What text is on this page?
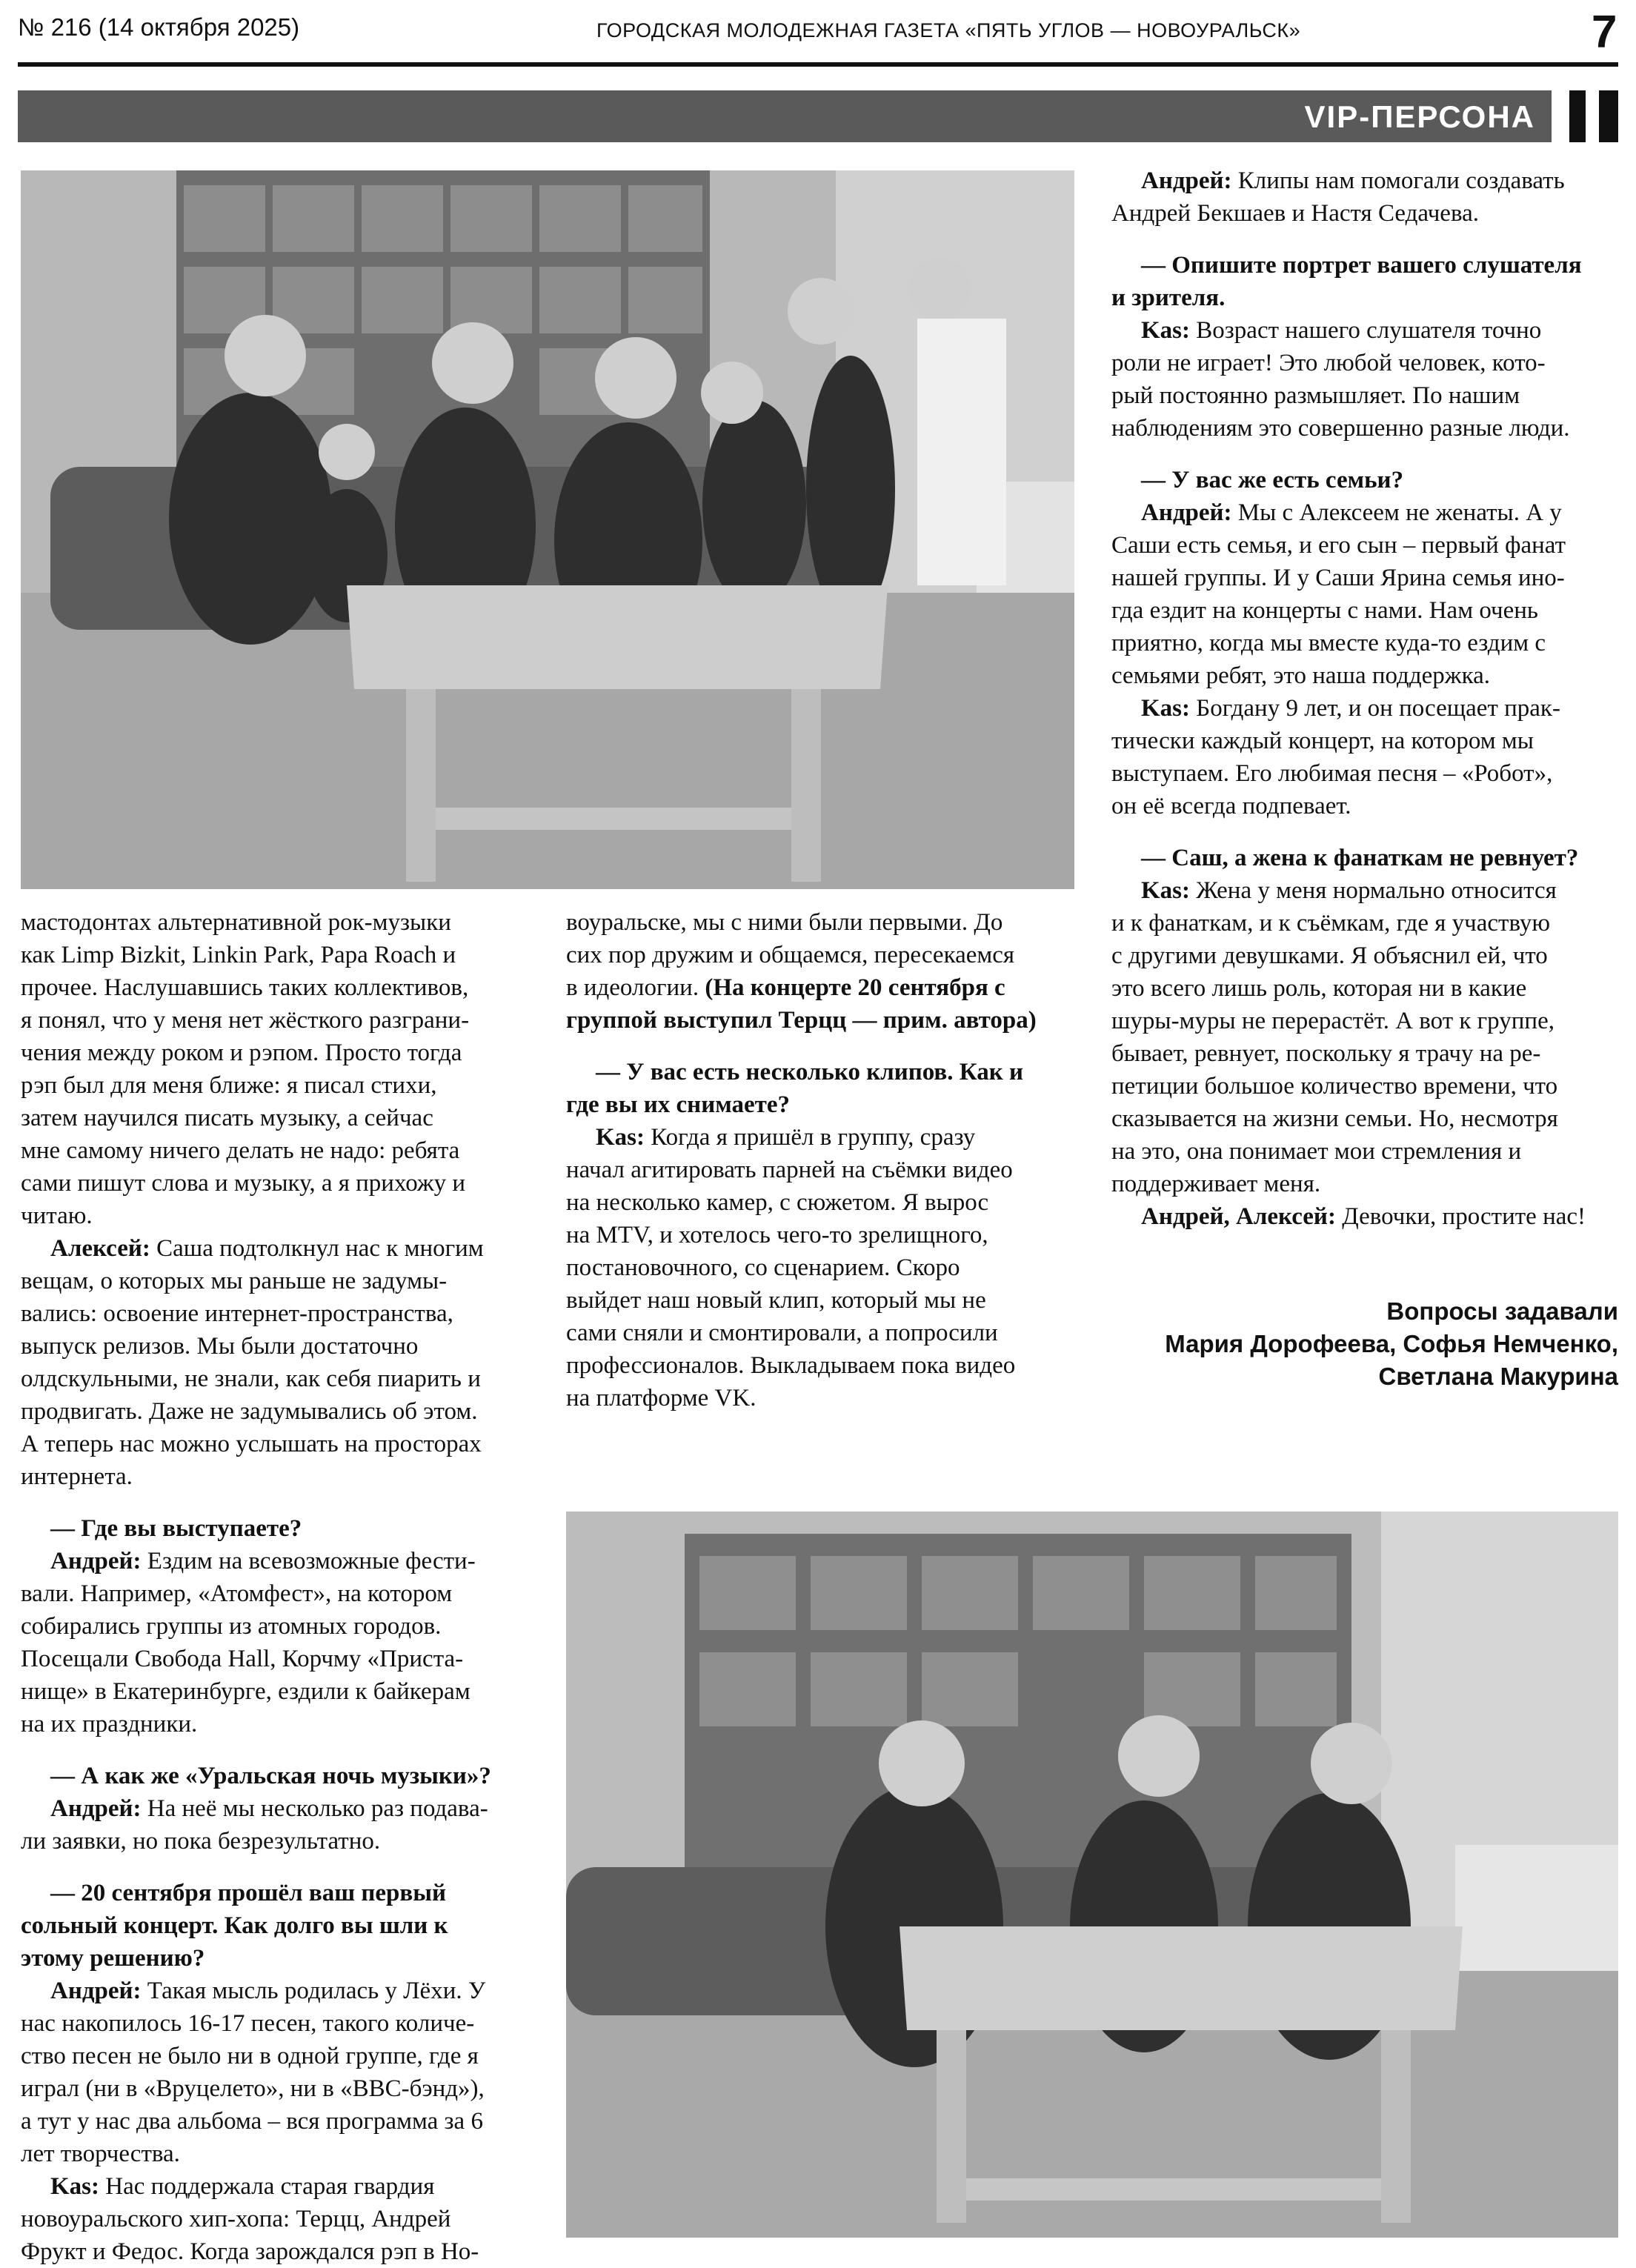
№ 216 (14 октября 2025)	ГОРОДСКАЯ МОЛОДЕЖНАЯ ГАЗЕТА «ПЯТЬ УГЛОВ — НОВОУРАЛЬСК»	7
VIP-ПЕРСОНА

мастодонтах альтернативной рок-музыки

как Limp Bizkit, Linkin Park, Papa Roach и

прочее. Наслушавшись таких коллективов,

я понял, что у меня нет жёсткого разграни-

чения между роком и рэпом. Просто тогда

рэп был для меня ближе: я писал стихи,

затем научился писать музыку, а сейчас

мне самому ничего делать не надо: ребята

сами пишут слова и музыку, а я прихожу и

читаю.

Алексей: Саша подтолкнул нас к многим

вещам, о которых мы раньше не задумы-

вались: освоение интернет-пространства,

выпуск релизов. Мы были достаточно

олдскульными, не знали, как себя пиарить и

продвигать. Даже не задумывались об этом.

А теперь нас можно услышать на просторах

интернета.

— Где вы выступаете?

Андрей: Ездим на всевозможные фести-

вали. Например, «Атомфест», на котором

собирались группы из атомных городов.

Посещали Свобода Hall, Корчму «Приста-

нище» в Екатеринбурге, ездили к байкерам

на их праздники.

— А как же «Уральская ночь музыки»?

Андрей: На неё мы несколько раз подава-

ли заявки, но пока безрезультатно.

— 20 сентября прошёл ваш первый

сольный концерт. Как долго вы шли к

этому решению?

Андрей: Такая мысль родилась у Лёхи. У

нас накопилось 16-17 песен, такого количе-

ство песен не было ни в одной группе, где я

играл (ни в «Вруцелето», ни в «BBC-бэнд»),

а тут у нас два альбома – вся программа за 6

лет творчества.

Kas: Нас поддержала старая гвардия

новоуральского хип-хопа: Терцц, Андрей

Фрукт и Федос. Когда зарождался рэп в Но-

воуральске, мы с ними были первыми. До

сих пор дружим и общаемся, пересекаемся

в идеологии. (На концерте 20 сентября с

группой выступил Терцц — прим. автора)

— У вас есть несколько клипов. Как и

где вы их снимаете?

Kas: Когда я пришёл в группу, сразу

начал агитировать парней на съёмки видео

на несколько камер, с сюжетом. Я вырос

на MTV, и хотелось чего-то зрелищного,

постановочного, со сценарием. Скоро

выйдет наш новый клип, который мы не

сами сняли и смонтировали, а попросили

профессионалов. Выкладываем пока видео

на платформе VK.

Андрей: Клипы нам помогали создавать

Андрей Бекшаев и Настя Седачева.

— Опишите портрет вашего слушателя

и зрителя.

Kas: Возраст нашего слушателя точно

роли не играет! Это любой человек, кото-

рый постоянно размышляет. По нашим

наблюдениям это совершенно разные люди.

— У вас же есть семьи?

Андрей: Мы с Алексеем не женаты. А у

Саши есть семья, и его сын – первый фанат

нашей группы. И у Саши Ярина семья ино-

гда ездит на концерты с нами. Нам очень

приятно, когда мы вместе куда-то ездим с

семьями ребят, это наша поддержка.

Kas: Богдану 9 лет, и он посещает прак-

тически каждый концерт, на котором мы

выступаем. Его любимая песня – «Робот»,

он её всегда подпевает.

— Саш, а жена к фанаткам не ревнует?

Kas: Жена у меня нормально относится

и к фанаткам, и к съёмкам, где я участвую

с другими девушками. Я объяснил ей, что

это всего лишь роль, которая ни в какие

шуры-муры не перерастёт. А вот к группе,

бывает, ревнует, поскольку я трачу на ре-

петиции большое количество времени, что

сказывается на жизни семьи. Но, несмотря

на это, она понимает мои стремления и

поддерживает меня.

Андрей, Алексей: Девочки, простите нас!

Вопросы задавали
Мария Дорофеева, Софья Немченко,
Светлана Макурина
